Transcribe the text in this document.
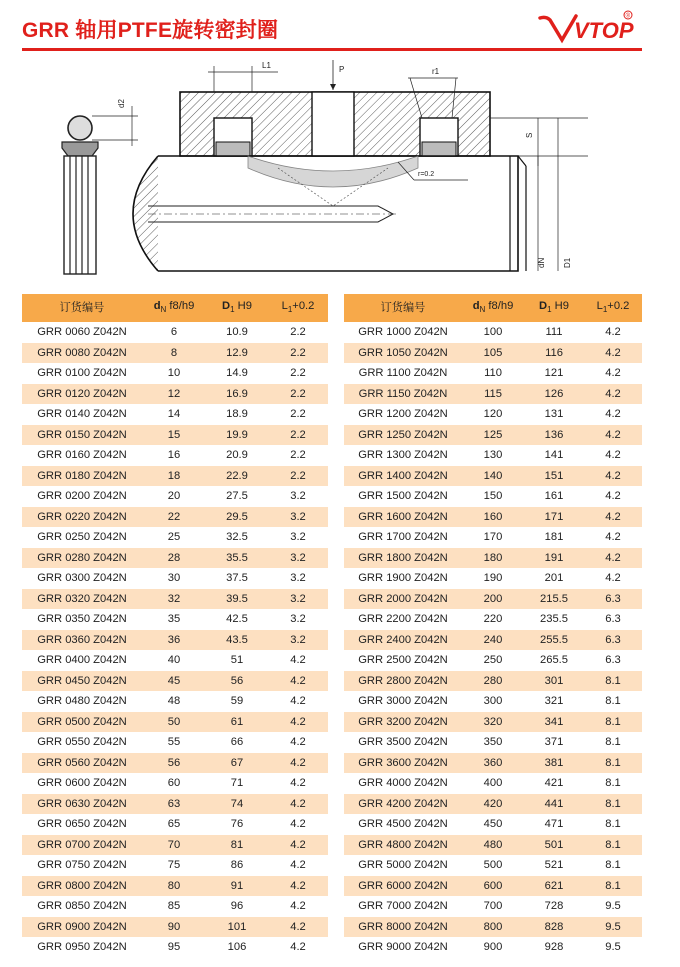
GRR 轴用PTFE旋转密封圈	VTOP
®
d2
L1	P	r1
S
r=0.2
dN D1
订货编号	$d_N$ f8/h9	$D_1$ H9	$L_1+0.2$
GRR 0060 Z042N	6	10.9	2.2
GRR 0080 Z042N	8	12.9	2.2
GRR 0100 Z042N	10	14.9	2.2
GRR 0120 Z042N	12	16.9	2.2
GRR 0140 Z042N	14	18.9	2.2
GRR 0150 Z042N	15	19.9	2.2
GRR 0160 Z042N	16	20.9	2.2
GRR 0180 Z042N	18	22.9	2.2
GRR 0200 Z042N	20	27.5	3.2
GRR 0220 Z042N	22	29.5	3.2
GRR 0250 Z042N	25	32.5	3.2
GRR 0280 Z042N	28	35.5	3.2
GRR 0300 Z042N	30	37.5	3.2
GRR 0320 Z042N	32	39.5	3.2
GRR 0350 Z042N	35	42.5	3.2
GRR 0360 Z042N	36	43.5	3.2
GRR 0400 Z042N	40	51	4.2
GRR 0450 Z042N	45	56	4.2
GRR 0480 Z042N	48	59	4.2
GRR 0500 Z042N	50	61	4.2
GRR 0550 Z042N	55	66	4.2
GRR 0560 Z042N	56	67	4.2
GRR 0600 Z042N	60	71	4.2
GRR 0630 Z042N	63	74	4.2
GRR 0650 Z042N	65	76	4.2
GRR 0700 Z042N	70	81	4.2
GRR 0750 Z042N	75	86	4.2
GRR 0800 Z042N	80	91	4.2
GRR 0850 Z042N	85	96	4.2
GRR 0900 Z042N	90	101	4.2
GRR 0950 Z042N	95	106	4.2
订货编号	$d_N$ f8/h9	$D_1$ H9	$L_1+0.2$
GRR 1000 Z042N	100	111	4.2
GRR 1050 Z042N	105	116	4.2
GRR 1100 Z042N	110	121	4.2
GRR 1150 Z042N	115	126	4.2
GRR 1200 Z042N	120	131	4.2
GRR 1250 Z042N	125	136	4.2
GRR 1300 Z042N	130	141	4.2
GRR 1400 Z042N	140	151	4.2
GRR 1500 Z042N	150	161	4.2
GRR 1600 Z042N	160	171	4.2
GRR 1700 Z042N	170	181	4.2
GRR 1800 Z042N	180	191	4.2
GRR 1900 Z042N	190	201	4.2
GRR 2000 Z042N	200	215.5	6.3
GRR 2200 Z042N	220	235.5	6.3
GRR 2400 Z042N	240	255.5	6.3
GRR 2500 Z042N	250	265.5	6.3
GRR 2800 Z042N	280	301	8.1
GRR 3000 Z042N	300	321	8.1
GRR 3200 Z042N	320	341	8.1
GRR 3500 Z042N	350	371	8.1
GRR 3600 Z042N	360	381	8.1
GRR 4000 Z042N	400	421	8.1
GRR 4200 Z042N	420	441	8.1
GRR 4500 Z042N	450	471	8.1
GRR 4800 Z042N	480	501	8.1
GRR 5000 Z042N	500	521	8.1
GRR 6000 Z042N	600	621	8.1
GRR 7000 Z042N	700	728	9.5
GRR 8000 Z042N	800	828	9.5
GRR 9000 Z042N	900	928	9.5
